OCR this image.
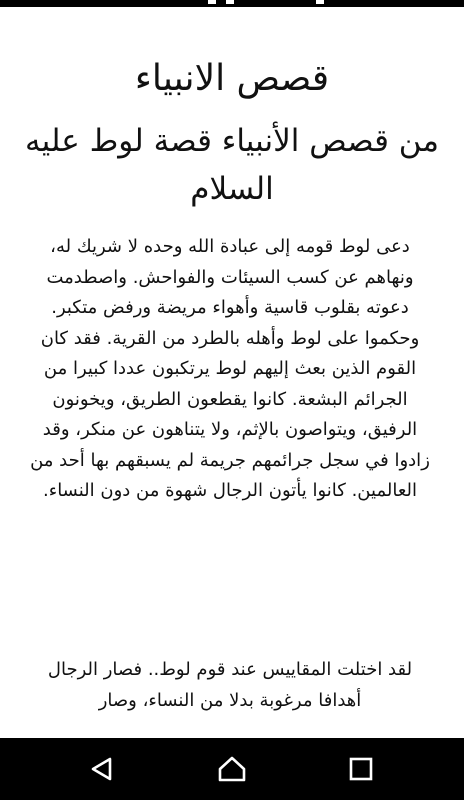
قصص الانبياء
من قصص الأنبياء قصة لوط عليه السلام

دعى لوط قومه إلى عبادة الله وحده لا شريك له، ونهاهم عن كسب السيئات والفواحش. واصطدمت دعوته بقلوب قاسية وأهواء مريضة ورفض متكبر. وحكموا على لوط وأهله بالطرد من القرية. فقد كان القوم الذين بعث إليهم لوط يرتكبون عددا كبيرا من الجرائم البشعة. كانوا يقطعون الطريق، ويخونون الرفيق، ويتواصون بالإثم، ولا يتناهون عن منكر، وقد زادوا في سجل جرائمهم جريمة لم يسبقهم بها أحد من العالمين. كانوا يأتون الرجال شهوة من دون النساء.

لقد اختلت المقاييس عند قوم لوط.. فصار الرجال أهدافا مرغوبة بدلا من النساء، وصار
